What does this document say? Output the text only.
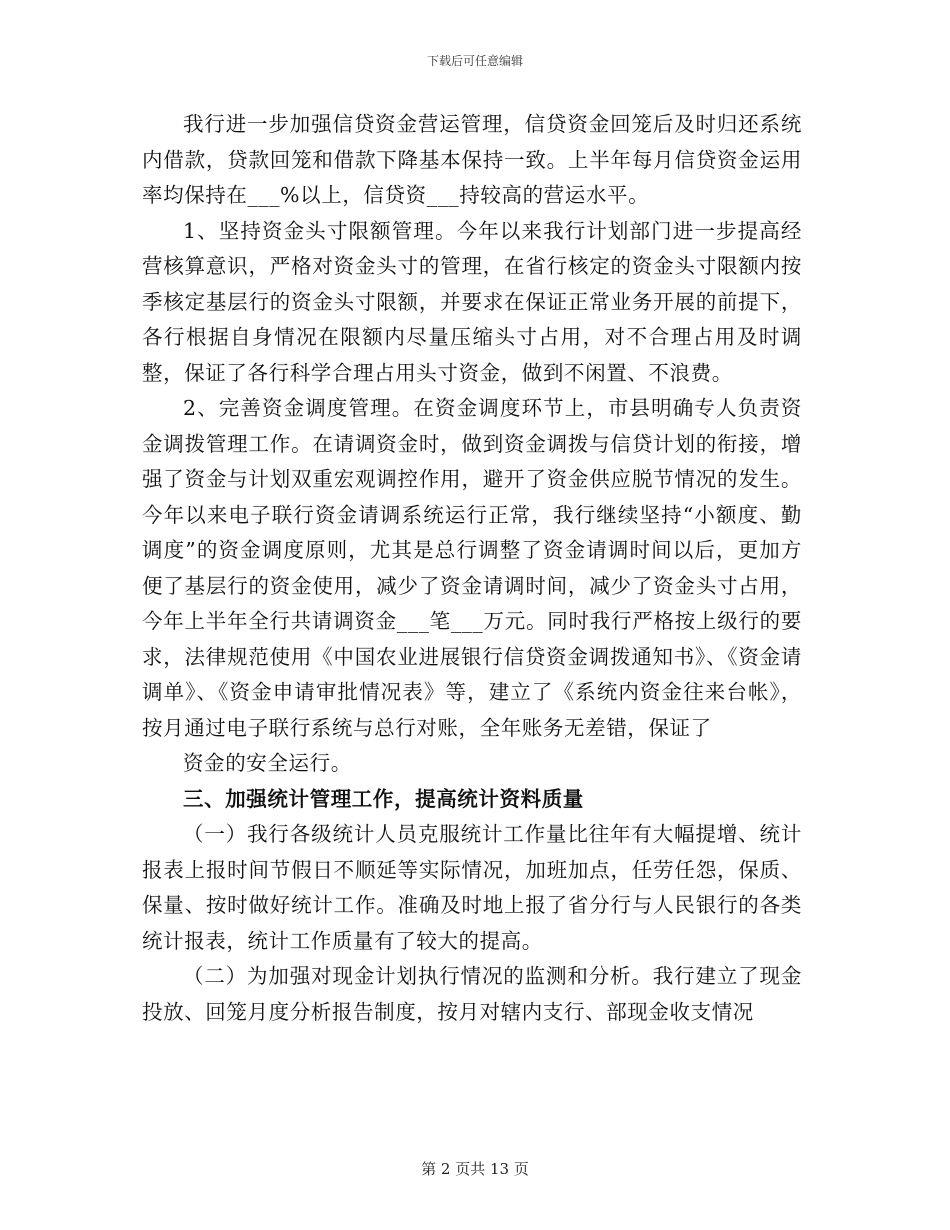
下载后可任意编辑

我行进一步加强信贷资金营运管理，信贷资金回笼后及时归还系统内借款，贷款回笼和借款下降基本保持一致。上半年每月信贷资金运用率均保持在___%以上，信贷资___持较高的营运水平。

1、坚持资金头寸限额管理。今年以来我行计划部门进一步提高经营核算意识，严格对资金头寸的管理，在省行核定的资金头寸限额内按季核定基层行的资金头寸限额，并要求在保证正常业务开展的前提下，各行根据自身情况在限额内尽量压缩头寸占用，对不合理占用及时调整，保证了各行科学合理占用头寸资金，做到不闲置、不浪费。

2、完善资金调度管理。在资金调度环节上，市县明确专人负责资金调拨管理工作。在请调资金时，做到资金调拨与信贷计划的衔接，增强了资金与计划双重宏观调控作用，避开了资金供应脱节情况的发生。今年以来电子联行资金请调系统运行正常，我行继续坚持“小额度、勤调度”的资金调度原则，尤其是总行调整了资金请调时间以后，更加方便了基层行的资金使用，减少了资金请调时间，减少了资金头寸占用，今年上半年全行共请调资金___笔___万元。同时我行严格按上级行的要求，法律规范使用《中国农业进展银行信贷资金调拨通知书》、《资金请调单》、《资金申请审批情况表》等，建立了《系统内资金往来台帐》，按月通过电子联行系统与总行对账，全年账务无差错，保证了

资金的安全运行。

三、加强统计管理工作，提高统计资料质量

（一）我行各级统计人员克服统计工作量比往年有大幅提增、统计报表上报时间节假日不顺延等实际情况，加班加点，任劳任怨，保质、保量、按时做好统计工作。准确及时地上报了省分行与人民银行的各类统计报表，统计工作质量有了较大的提高。

（二）为加强对现金计划执行情况的监测和分析。我行建立了现金投放、回笼月度分析报告制度，按月对辖内支行、部现金收支情况

第 2 页共 13 页
